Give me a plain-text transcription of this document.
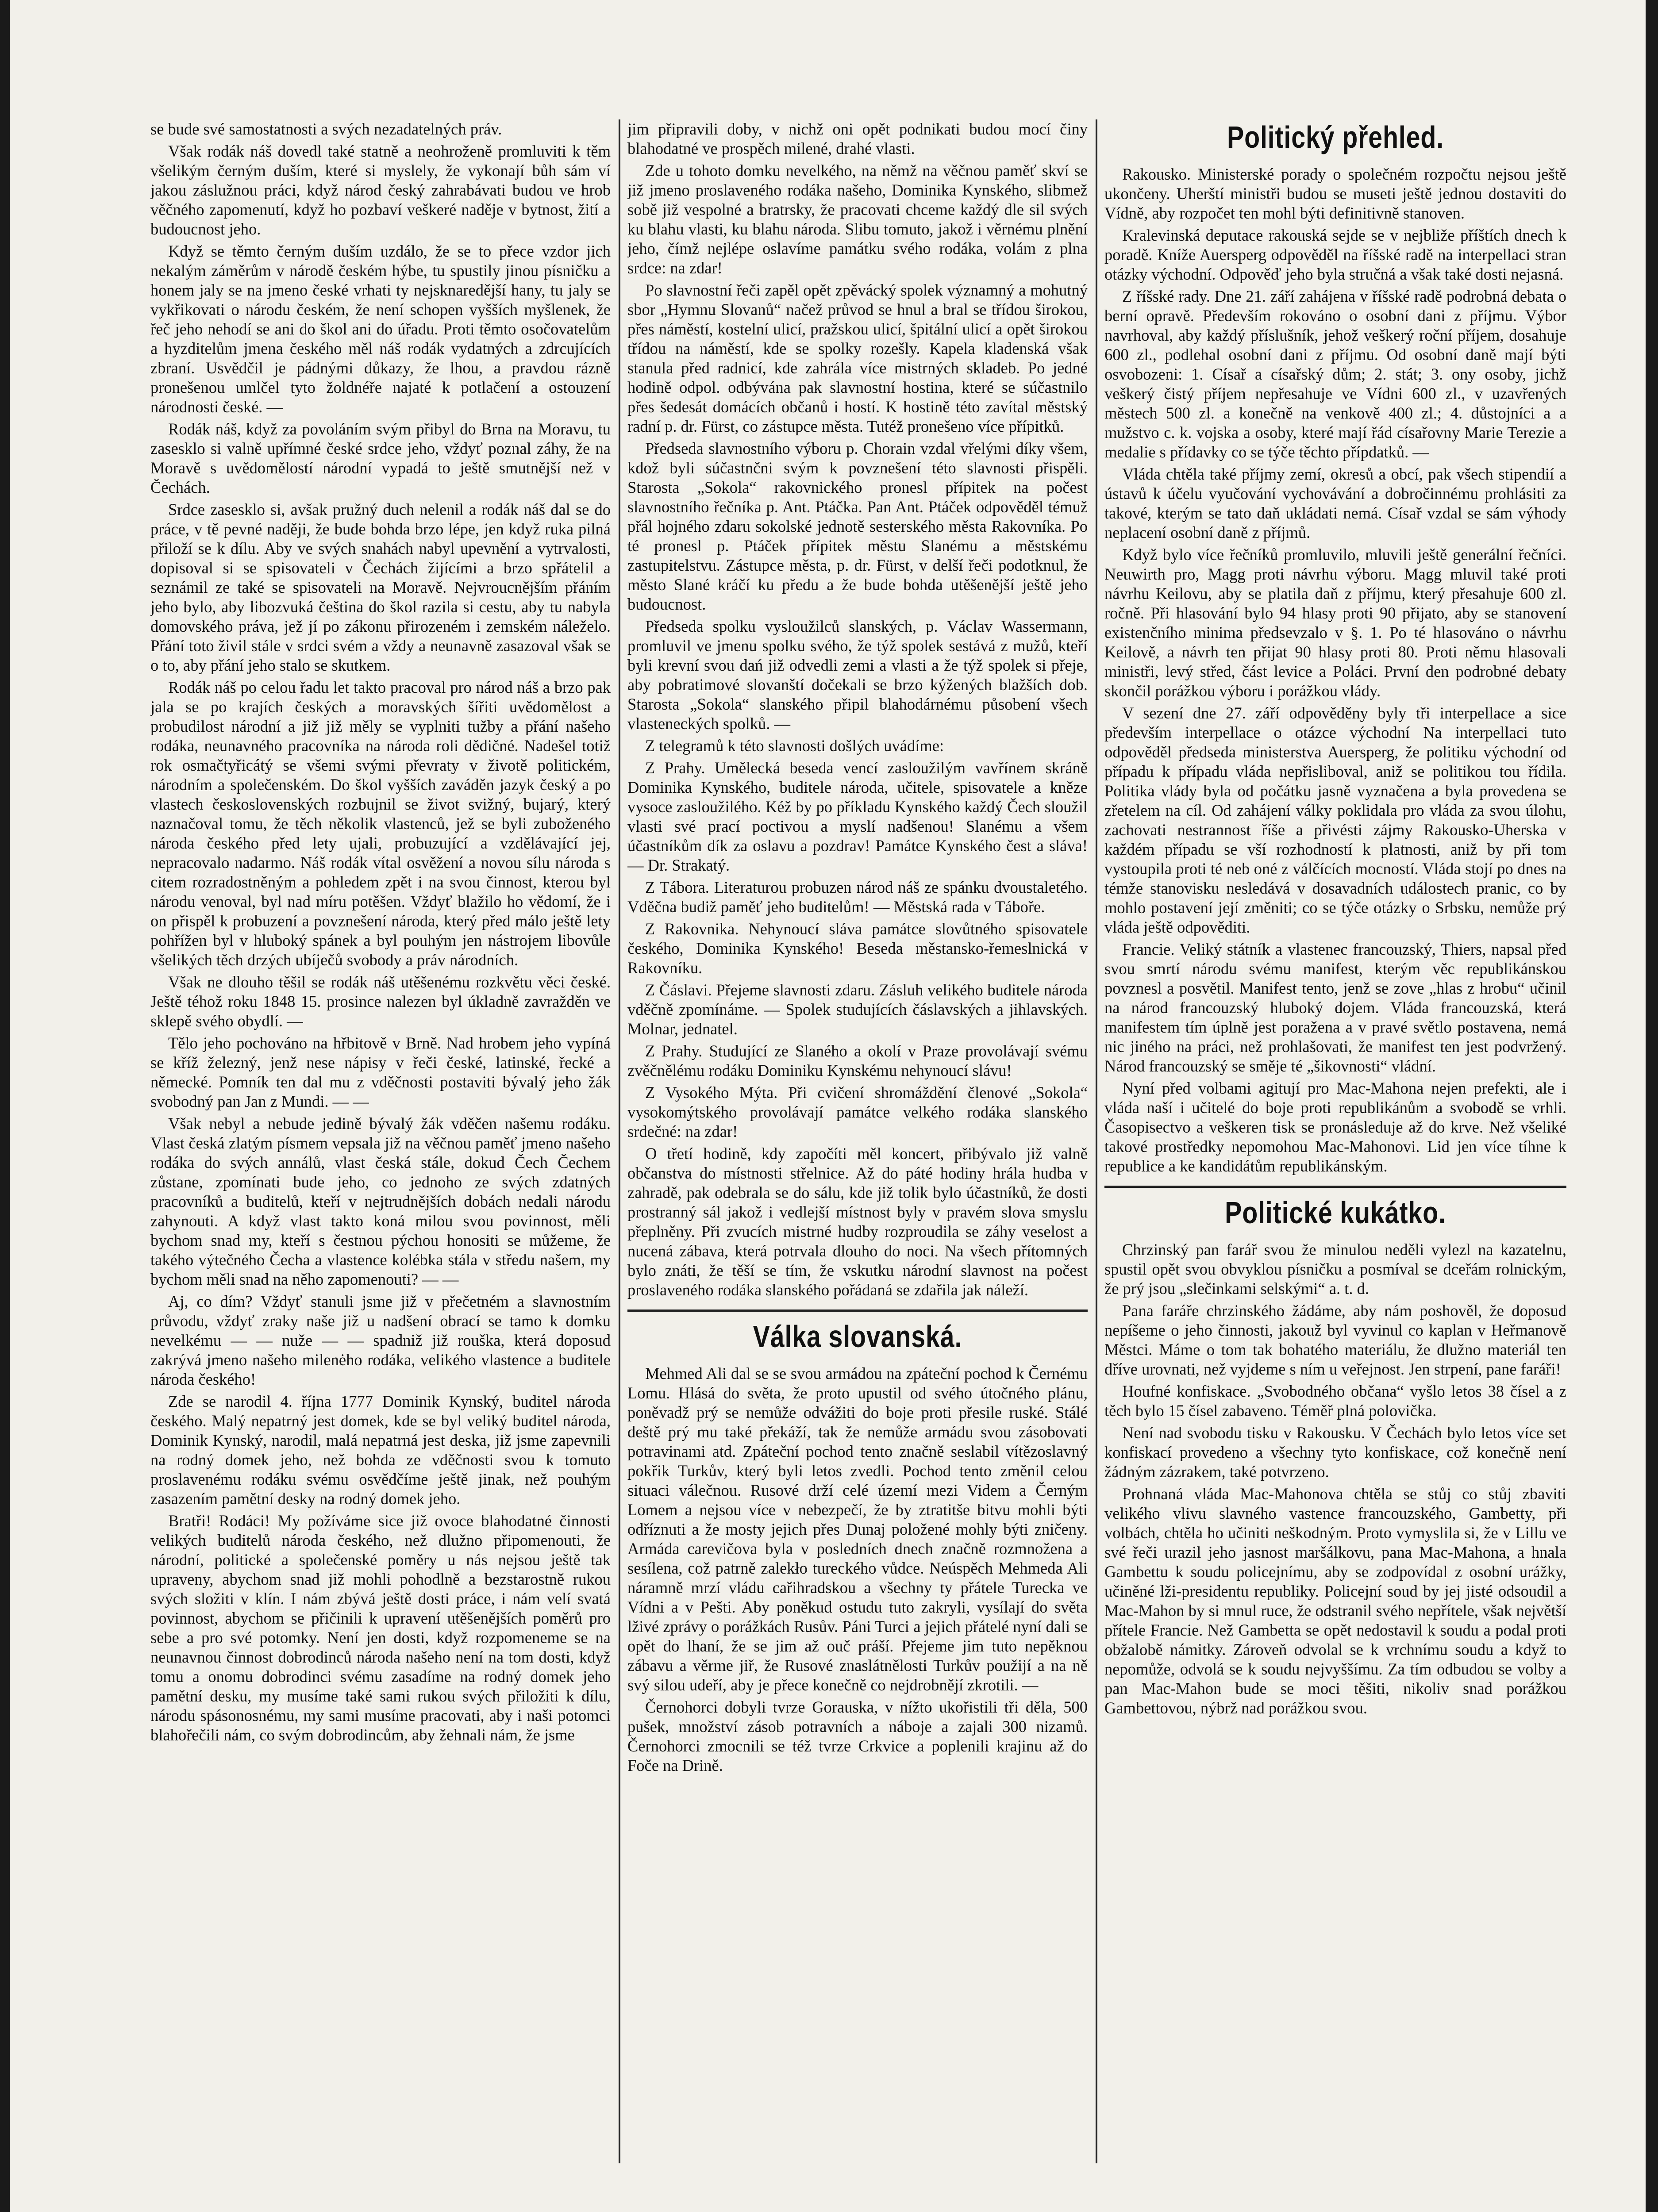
se bude své samostatnosti a svých nezadatelných práv.

Však rodák náš dovedl také statně a neohroženě promluviti k těm všelikým černým duším, které si myslely, že vykonají bůh sám ví jakou záslužnou práci, když národ český zahrabávati budou ve hrob věčného zapomenutí, když ho pozbaví veškeré naděje v bytnost, žití a budoucnost jeho.

Když se těmto černým duším uzdálo, že se to přece vzdor jich nekalým záměrům v národě českém hýbe, tu spustily jinou písničku a honem jaly se na jmeno české vrhati ty nejsknaredější hany, tu jaly se vykřikovati o národu českém, že není schopen vyšších myšlenek, že řeč jeho nehodí se ani do škol ani do úřadu. Proti těmto osočovatelům a hyzditelům jmena českého měl náš rodák vydatných a zdrcujících zbraní. Usvědčil je pádnými důkazy, že lhou, a pravdou rázně pronešenou umlčel tyto žoldnéře najaté k potlačení a ostouzení národnosti české. —

Rodák náš, když za povoláním svým přibyl do Brna na Moravu, tu zasesklo si valně upřímné české srdce jeho, vždyť poznal záhy, že na Moravě s uvědomělostí národní vypadá to ještě smutnější než v Čechách.

Srdce zasesklo si, avšak pružný duch nelenil a rodák náš dal se do práce, v tě pevné naději, že bude bohda brzo lépe, jen když ruka pilná přiloží se k dílu. Aby ve svých snahách nabyl upevnění a vytrvalosti, dopisoval si se spisovateli v Čechách žijícími a brzo spřátelil a seznámil ze také se spisovateli na Moravě. Nejvroucnějším přáním jeho bylo, aby libozvuká čeština do škol razila si cestu, aby tu nabyla domovského práva, jež jí po zákonu přirozeném i zemském náleželo. Přání toto živil stále v srdci svém a vždy a neunavně zasazoval však se o to, aby přání jeho stalo se skutkem.

Rodák náš po celou řadu let takto pracoval pro národ náš a brzo pak jala se po krajích českých a moravských šířiti uvědomělost a probudilost národní a již již měly se vyplniti tužby a přání našeho rodáka, neunavného pracovníka na národa roli dědičné. Nadešel totiž rok osmačtyřicátý se všemi svými převraty v životě politickém, národním a společenském. Do škol vyšších zaváděn jazyk český a po vlastech československých rozbujnil se život svižný, bujarý, který naznačoval tomu, že těch několik vlastenců, jež se byli zuboženého národa českého před lety ujali, probuzující a vzdělávající jej, nepracovalo nadarmo. Náš rodák vítal osvěžení a novou sílu národa s citem rozradostněným a pohledem zpět i na svou činnost, kterou byl národu venoval, byl nad míru potěšen. Vždyť blažilo ho vědomí, že i on přispěl k probuzení a povznešení národa, který před málo ještě lety pohřížen byl v hluboký spánek a byl pouhým jen nástrojem libovůle všelikých těch drzých ubíječů svobody a práv národních.

Však ne dlouho těšil se rodák náš utěšenému rozkvětu věci české. Ještě téhož roku 1848 15. prosince nalezen byl úkladně zavražděn ve sklepě svého obydlí. —

Tělo jeho pochováno na hřbitově v Brně. Nad hrobem jeho vypíná se kříž železný, jenž nese nápisy v řeči české, latinské, řecké a německé. Pomník ten dal mu z vděčnosti postaviti bývalý jeho žák svobodný pan Jan z Mundi. — —

Však nebyl a nebude jedině bývalý žák vděčen našemu rodáku. Vlast česká zlatým písmem vepsala již na věčnou paměť jmeno našeho rodáka do svých annálů, vlast česká stále, dokud Čech Čechem zůstane, zpomínati bude jeho, co jednoho ze svých zdatných pracovníků a buditelů, kteří v nejtrudnějších dobách nedali národu zahynouti. A když vlast takto koná milou svou povinnost, měli bychom snad my, kteří s čestnou pýchou honositi se můžeme, že takého výtečného Čecha a vlastence kolébka stála v středu našem, my bychom měli snad na něho zapomenouti? — —

Aj, co dím? Vždyť stanuli jsme již v přečetném a slavnostním průvodu, vždyť zraky naše již u nadšení obrací se tamo k domku nevelkému — — nuže — — spadniž již rouška, která doposud zakrývá jmeno našeho milenėho rodáka, velikého vlastence a buditele národa českého!

Zde se narodil 4. října 1777 Dominik Kynský, buditel národa českého. Malý nepatrný jest domek, kde se byl veliký buditel národa, Dominik Kynský, narodil, malá nepatrná jest deska, již jsme zapevnili na rodný domek jeho, než bohda ze vděčnosti svou k tomuto proslavenému rodáku svému osvědčíme ještě jinak, než pouhým zasazením pamětní desky na rodný domek jeho.

Bratři! Rodáci! My požíváme sice již ovoce blahodatné činnosti velikých buditelů národa českého, než dlužno připomenouti, že národní, politické a společenské poměry u nás nejsou ještě tak upraveny, abychom snad již mohli pohodlně a bezstarostně rukou svých složiti v klín. I nám zbývá ještě dosti práce, i nám velí svatá povinnost, abychom se přičinili k upravení utěšenějších poměrů pro sebe a pro své potomky. Není jen dosti, když rozpomeneme se na neunavnou činnost dobrodinců národa našeho není na tom dosti, když tomu a onomu dobrodinci svému zasadíme na rodný domek jeho pamětní desku, my musíme také sami rukou svých přiložiti k dílu, národu spásonosnému, my sami musíme pracovati, aby i naši potomci blahořečili nám, co svým dobrodincům, aby žehnali nám, že jsme

jim připravili doby, v nichž oni opět podnikati budou mocí činy blahodatné ve prospěch milené, drahé vlasti.

Zde u tohoto domku nevelkého, na němž na věčnou paměť skví se již jmeno proslaveného rodáka našeho, Dominika Kynského, slibmež sobě již vespolné a bratrsky, že pracovati chceme každý dle sil svých ku blahu vlasti, ku blahu národa. Slibu tomuto, jakož i věrnému plnění jeho, čímž nejlépe oslavíme památku svého rodáka, volám z plna srdce: na zdar!

Po slavnostní řeči zapěl opět zpěvácký spolek významný a mohutný sbor „Hymnu Slovanů“ načež průvod se hnul a bral se třídou širokou, přes náměstí, kostelní ulicí, pražskou ulicí, špitální ulicí a opět širokou třídou na náměstí, kde se spolky rozešly. Kapela kladenská však stanula před radnicí, kde zahrála více mistrných skladeb. Po jedné hodině odpol. odbývána pak slavnostní hostina, které se súčastnilo přes šedesát domácích občanů i hostí. K hostině této zavítal městský radní p. dr. Fürst, co zástupce města. Tutéž pronešeno více přípitků.

Předseda slavnostního výboru p. Chorain vzdal vřelými díky všem, kdož byli súčastnčni svým k povznešení této slavnosti přispěli. Starosta „Sokola“ rakovnického pronesl přípitek na počest slavnostního řečníka p. Ant. Ptáčka. Pan Ant. Ptáček odpověděl témuž přál hojného zdaru sokolské jednotě sesterského města Rakovníka. Po té pronesl p. Ptáček přípitek městu Slanému a městskému zastupitelstvu. Zástupce města, p. dr. Fürst, v delší řeči podotknul, že město Slané kráčí ku předu a že bude bohda utěšenější ještě jeho budoucnost.

Předseda spolku vysloužilců slanských, p. Václav Wassermann, promluvil ve jmenu spolku svého, že týž spolek sestává z mužů, kteří byli krevní svou dań již odvedli zemi a vlasti a že týž spolek si přeje, aby pobratimové slovanští dočekali se brzo kýžených blažších dob. Starosta „Sokola“ slanského připil blahodárnému působení všech vlasteneckých spolků. —

Z telegramů k této slavnosti došlých uvádíme:

Z Prahy. Umělecká beseda vencí zasloužilým vavřínem skráně Dominika Kynského, buditele národa, učitele, spisovatele a kněze vysoce zasloužilého. Kéž by po příkladu Kynského každý Čech sloužil vlasti své prací poctivou a myslí nadšenou! Slanému a všem účastníkům dík za oslavu a pozdrav! Památce Kynského čest a sláva! — Dr. Strakatý.

Z Tábora. Literaturou probuzen národ náš ze spánku dvoustaletého. Vděčna budiž paměť jeho buditelům! — Městská rada v Táboře.

Z Rakovnika. Nehynoucí sláva památce slovůtného spisovatele českého, Dominika Kynského! Beseda městansko-řemeslnická v Rakovníku.

Z Čáslavi. Přejeme slavnosti zdaru. Zásluh velikého buditele národa vděčně zpomínáme. — Spolek studujících čáslavských a jihlavských. Molnar, jednatel.

Z Prahy. Studující ze Slaného a okolí v Praze provolávají svému zvěčnělému rodáku Dominiku Kynskému nehynoucí slávu!

Z Vysokého Mýta. Při cvičení shromáždění členové „Sokola“ vysokomýtského provolávají památce velkého rodáka slanského srdečné: na zdar!

O třetí hodině, kdy započíti měl koncert, přibývalo již valně občanstva do místnosti střelnice. Až do páté hodiny hrála hudba v zahradě, pak odebrala se do sálu, kde již tolik bylo účastníků, že dosti prostranný sál jakož i vedlejší místnost byly v pravém slova smyslu přeplněny. Při zvucích mistrné hudby rozproudila se záhy veselost a nucená zábava, která potrvala dlouho do noci. Na všech přítomných bylo znáti, že těší se tím, že vskutku národní slavnost na počest proslaveného rodáka slanského pořádaná se zdařila jak náleží.

Válka slovanská.

Mehmed Ali dal se se svou armádou na zpáteční pochod k Černému Lomu. Hlásá do světa, že proto upustil od svého útočného plánu, poněvadž prý se nemůže odvážiti do boje proti přesile ruské. Stálé deště prý mu také překáží, tak že nemůže armádu svou zásobovati potravinami atd. Zpáteční pochod tento značně seslabil vítězoslavný pokřik Turkův, který byli letos zvedli. Pochod tento změnil celou situaci válečnou. Rusové drží celé území mezi Videm a Černým Lomem a nejsou více v nebezpečí, že by ztratitše bitvu mohli býti odříznuti a že mosty jejich přes Dunaj položené mohly býti zničeny. Armáda carevičova byla v posledních dnech značně rozmnožena a sesílena, což patrně zalekło tureckého vůdce. Neúspěch Mehmeda Ali náramně mrzí vládu cařihradskou a všechny ty přátele Turecka ve Vídni a v Pešti. Aby poněkud ostudu tuto zakryli, vysílají do světa lživé zprávy o porážkách Rusův. Páni Turci a jejich přátelé nyní dali se opět do lhaní, že se jim až ouč práší. Přejeme jim tuto nepěknou zábavu a věrme jiř, že Rusové znaslátnělosti Turkův použijí a na ně svý silou udeří, aby je přece konečně co nejdrobnějí zkrotili. —

Černohorci dobyli tvrze Gorauska, v nížto ukořistili tři děla, 500 pušek, množství zásob potravních a náboje a zajali 300 nizamů. Černohorci zmocnili se též tvrze Crkvice a poplenili krajinu až do Foče na Drině.

Politický přehled.

Rakousko. Ministerské porady o společném rozpočtu nejsou ještě ukončeny. Uherští ministři budou se museti ještě jednou dostaviti do Vídně, aby rozpočet ten mohl býti definitivně stanoven.

Kralevinská deputace rakouská sejde se v nejbliže příštích dnech k poradě. Kníže Auersperg odpověděl na říšské radě na interpellaci stran otázky východní. Odpověď jeho byla stručná a však také dosti nejasná.

Z říšské rady. Dne 21. září zahájena v říšské radě podrobná debata o berní opravě. Především rokováno o osobní dani z příjmu. Výbor navrhoval, aby každý příslušník, jehož veškerý roční příjem, dosahuje 600 zl., podlehal osobní dani z příjmu. Od osobní daně mají býti osvobozeni: 1. Císař a císařský dům; 2. stát; 3. ony osoby, jichž veškerý čistý příjem nepřesahuje ve Vídni 600 zl., v uzavřených městech 500 zl. a konečně na venkově 400 zl.; 4. důstojníci a a mužstvo c. k. vojska a osoby, které mají řád císařovny Marie Terezie a medalie s přídavky co se týče těchto přípdatků. —

Vláda chtěla také příjmy zemí, okresů a obcí, pak všech stipendií a ústavů k účelu vyučování vychovávání a dobročinnému prohlásiti za takové, kterým se tato daň ukládati nemá. Císař vzdal se sám výhody neplacení osobní daně z příjmů.

Když bylo více řečníků promluvilo, mluvili ještě generální řečníci. Neuwirth pro, Magg proti návrhu výboru. Magg mluvil také proti návrhu Keilovu, aby se platila daň z příjmu, který přesahuje 600 zl. ročně. Při hlasování bylo 94 hlasy proti 90 přijato, aby se stanovení existenčního minima předsevzalo v §. 1. Po té hlasováno o návrhu Keilově, a návrh ten přijat 90 hlasy proti 80. Proti němu hlasovali ministři, levý střed, část levice a Poláci. První den podrobné debaty skončil porážkou výboru i porážkou vlády.

V sezení dne 27. září odpověděny byly tři interpellace a sice především interpellace o otázce východní Na interpellaci tuto odpověděl předseda ministerstva Auersperg, že politiku východní od případu k případu vláda nepřisliboval, aniž se politikou tou řídila. Politika vlády byla od počátku jasně vyznačena a byla provedena se zřetelem na cíl. Od zahájení války poklidala pro vláda za svou úlohu, zachovati nestrannost říše a přivésti zájmy Rakousko-Uherska v každém případu se vší rozhodností k platnosti, aniž by při tom vystoupila proti té neb oné z válčících mocností. Vláda stojí po dnes na témže stanovisku nesledává v dosavadních událostech pranic, co by mohlo postavení její změniti; co se týče otázky o Srbsku, nemůže prý vláda ještě odpověditi.

Francie. Veliký státník a vlastenec francouzský, Thiers, napsal před svou smrtí národu svému manifest, kterým věc republikánskou povznesl a posvětil. Manifest tento, jenž se zove „hlas z hrobu“ učinil na národ francouzský hluboký dojem. Vláda francouzská, která manifestem tím úplně jest poražena a v pravé světlo postavena, nemá nic jiného na práci, než prohlašovati, že manifest ten jest podvržený. Národ francouzský se směje té „šikovnosti“ vládní.

Nyní před volbami agitují pro Mac-Mahona nejen prefekti, ale i vláda naší i učitelé do boje proti republikánům a svobodě se vrhli. Časopisectvo a veškeren tisk se pronásleduje až do krve. Než všeliké takové prostředky nepomohou Mac-Mahonovi. Lid jen více tíhne k republice a ke kandidátům republikánským.

Politické kukátko.

Chrzinský pan farář svou že minulou neděli vylezl na kazatelnu, spustil opět svou obvyklou písničku a posmíval se dceřám rolnickým, že prý jsou „slečinkami selskými“ a. t. d.

Pana faráře chrzinského žádáme, aby nám poshověl, že doposud nepíšeme o jeho činnosti, jakouž byl vyvinul co kaplan v Heřmanově Městci. Máme o tom tak bohatého materiálu, že dlužno materiál ten dříve urovnati, než vyjdeme s ním u veřejnost. Jen strpení, pane faráři!

Houfné konfiskace. „Svobodného občana“ vyšlo letos 38 čísel a z těch bylo 15 čísel zabaveno. Téměř plná polovička.

Není nad svobodu tisku v Rakousku. V Čechách bylo letos více set konfiskací provedeno a všechny tyto konfiskace, což konečně není žádným zázrakem, také potvrzeno.

Prohnaná vláda Mac-Mahonova chtěla se stůj co stůj zbaviti velikého vlivu slavného vastence francouzského, Gambetty, při volbách, chtěla ho učiniti neškodným. Proto vymyslila si, že v Lillu ve své řeči urazil jeho jasnost maršálkovu, pana Mac-Mahona, a hnala Gambettu k soudu policejnímu, aby se zodpovídal z osobní urážky, učiněné lži-presidentu republiky. Policejní soud by jej jisté odsoudil a Mac-Mahon by si mnul ruce, že odstranil svého nepřítele, však největší přítele Francie. Než Gambetta se opět nedostavil k soudu a podal proti obžalobě námitky. Zároveň odvolal se k vrchnímu soudu a když to nepomůže, odvolá se k soudu nejvyššímu. Za tím odbudou se volby a pan Mac-Mahon bude se moci těšiti, nikoliv snad porážkou Gambettovou, nýbrž nad porážkou svou.
